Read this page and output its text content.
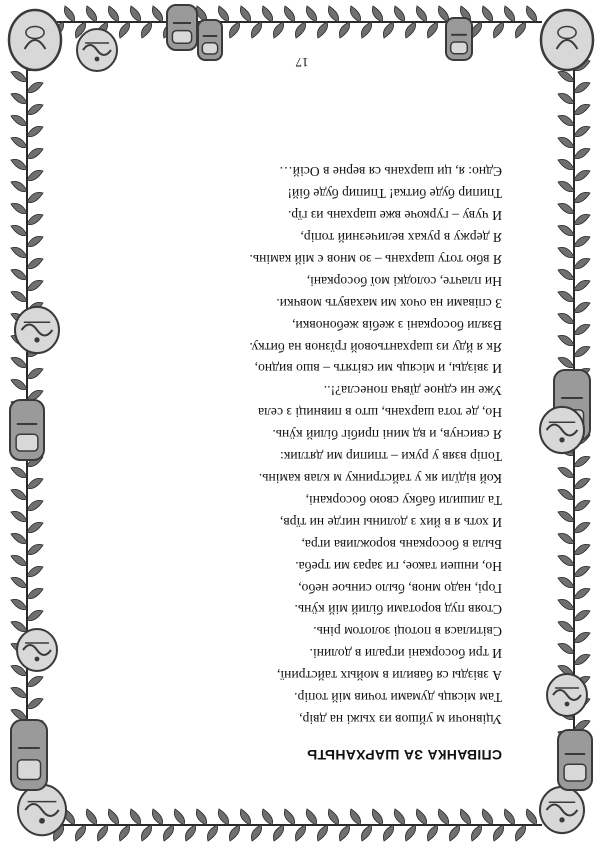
СПІВАНКА ЗА ШАРХАНЬТЬ
Уцівночи м уйшов из хыжі на двір,
Там місяць думами точив мій топір.
А звізды ся бавили в мойых тайстринї,
И три босоркані играли в долині.
Світилася в потоці золотом рінь.
Стояв пуд воротами білий мій кӱнь.
Горі, надо мнов, было синьое небо,
Но, иншеи такое, ги зараз ми треба.
Была в босоркань ворожлива игра,
И хоть я в йих з долины нигде ни тїрв,
Та лишили бабку свою босоркані,
Кой відїли як у тайстринку м клав камінь.
Топір взяв у руки – тпипир ми дятлик:
Я свиснув, и вд мині прибіг білий кӱнь.
Но, де тота шархань, што в пивниці з села
Уже ни єдное дївча понесла?!..
И звізды, и місяць ми світять – вшо видно,
Як я йду из шархантьовой грїзнов на битку.
Взяли босоркані з жебів жебоновки,
З співами на очох ми махавуть мовчки.
Ни плачте, солодкі мої босоркані,
Я вбю тоту шархань – зо мнов є мій камінь.
Я держу в руках величезний топір,
И чуву – гуркоче вже шархань из гїр.
Тпипир буде битка! Тпипир буде бій!
Єдно: я, ци шархань ся верне в Осій…
17
